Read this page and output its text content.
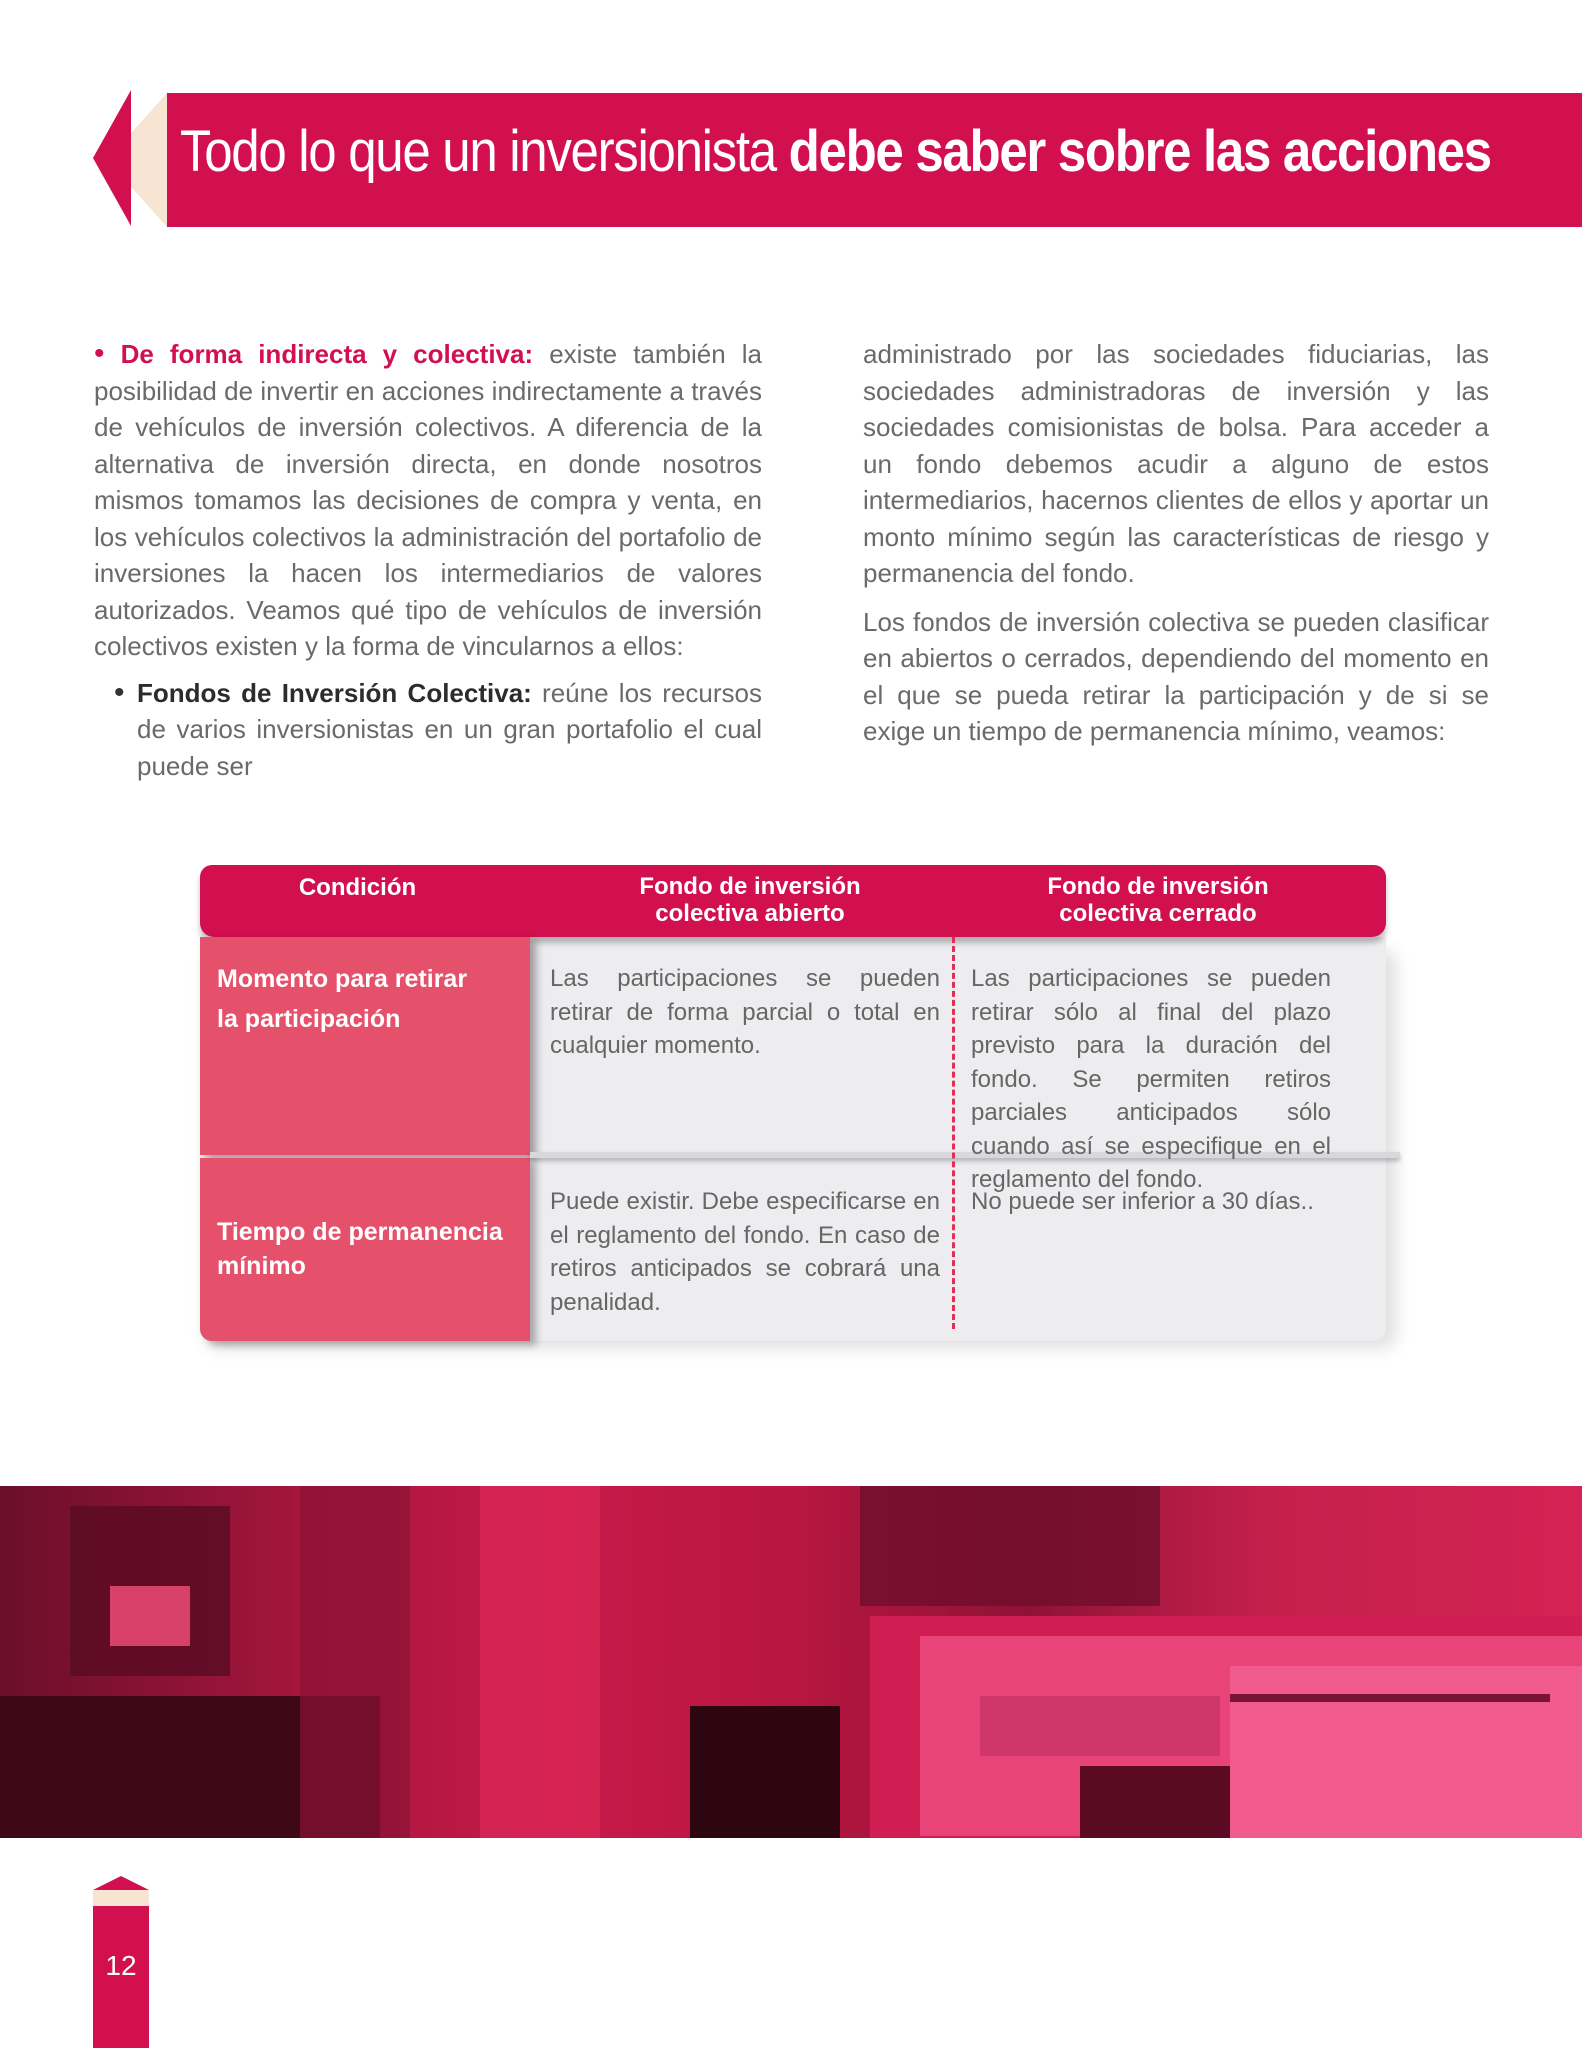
Todo lo que un inversionista debe saber sobre las acciones

• De forma indirecta y colectiva: existe también la posibilidad de invertir en acciones indirectamente a través de vehículos de inversión colectivos. A diferencia de la alternativa de inversión directa, en donde nosotros mismos tomamos las decisiones de compra y venta, en los vehículos colectivos la administración del portafolio de inversiones la hacen los intermediarios de valores autorizados. Veamos qué tipo de vehículos de inversión colectivos existen y la forma de vincularnos a ellos:

• Fondos de Inversión Colectiva: reúne los recursos de varios inversionistas en un gran portafolio el cual puede ser

administrado por las sociedades fiduciarias, las sociedades administradoras de inversión y las sociedades comisionistas de bolsa. Para acceder a un fondo debemos acudir a alguno de estos intermediarios, hacernos clientes de ellos y aportar un monto mínimo según las características de riesgo y permanencia del fondo.

Los fondos de inversión colectiva se pueden clasificar en abiertos o cerrados, dependiendo del momento en el que se pueda retirar la participación y de si se exige un tiempo de permanencia mínimo, veamos:

Condición	Fondo de inversión
colectiva abierto
Fondo de inversión
colectiva cerrado
Momento para retirar
la participación
Tiempo de permanencia
mínimo
Las participaciones se pueden retirar de forma parcial o total en cualquier momento.
Las participaciones se pueden retirar sólo al final del plazo previsto para la duración del fondo. Se permiten retiros parciales anticipados sólo cuando así se especifique en el reglamento del fondo.
Puede existir. Debe especificarse en el reglamento del fondo. En caso de retiros anticipados se cobrará una penalidad.
No puede ser inferior a 30 días..
12
